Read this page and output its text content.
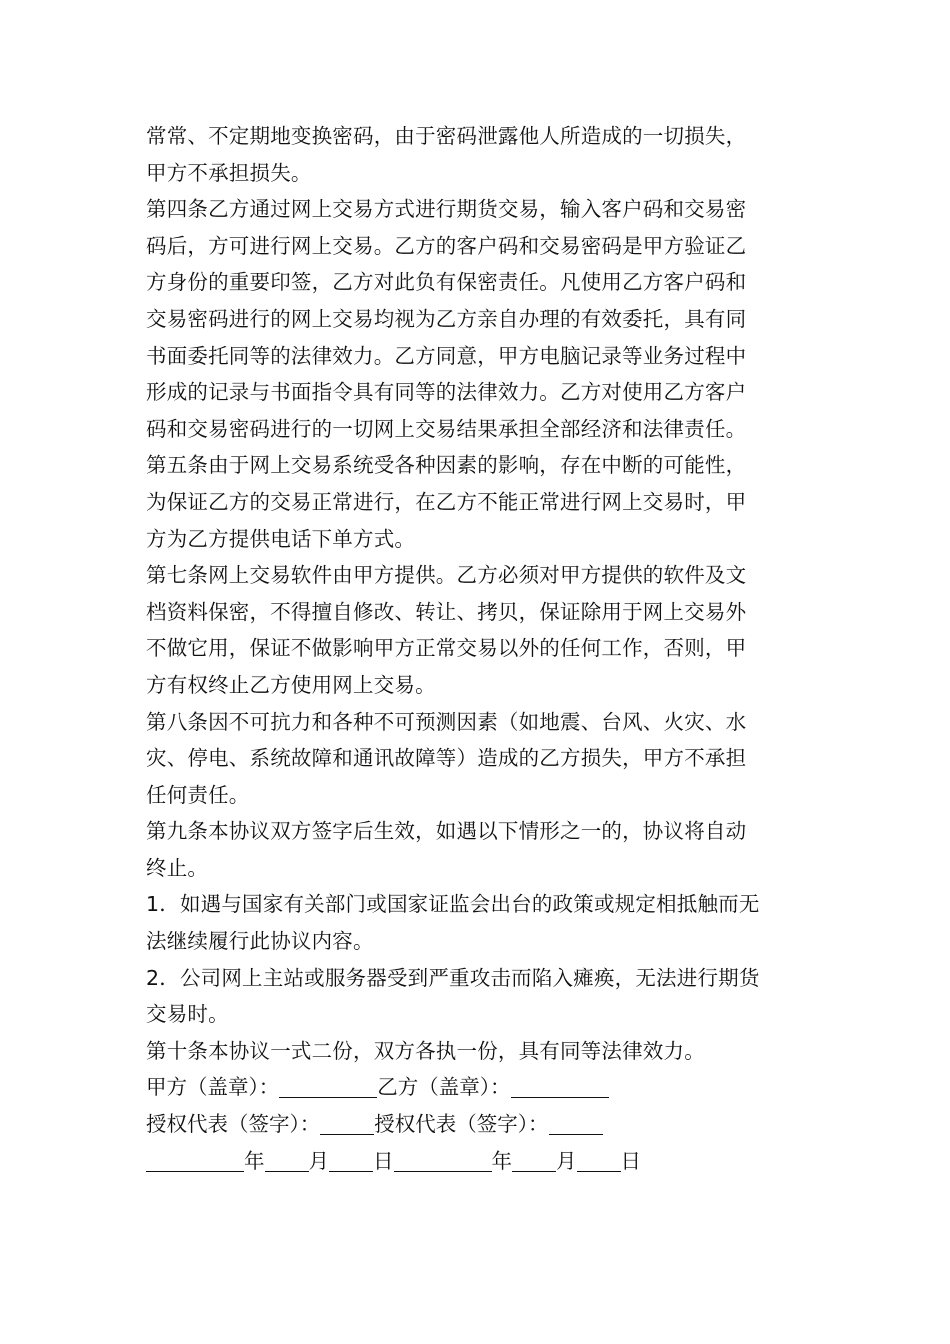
常常、不定期地变换密码，由于密码泄露他人所造成的一切损失，
甲方不承担损失。
第四条乙方通过网上交易方式进行期货交易，输入客户码和交易密
码后，方可进行网上交易。乙方的客户码和交易密码是甲方验证乙
方身份的重要印签，乙方对此负有保密责任。凡使用乙方客户码和
交易密码进行的网上交易均视为乙方亲自办理的有效委托，具有同
书面委托同等的法律效力。乙方同意，甲方电脑记录等业务过程中
形成的记录与书面指令具有同等的法律效力。乙方对使用乙方客户
码和交易密码进行的一切网上交易结果承担全部经济和法律责任。
第五条由于网上交易系统受各种因素的影响，存在中断的可能性，
为保证乙方的交易正常进行，在乙方不能正常进行网上交易时，甲
方为乙方提供电话下单方式。
第七条网上交易软件由甲方提供。乙方必须对甲方提供的软件及文
档资料保密，不得擅自修改、转让、拷贝，保证除用于网上交易外
不做它用，保证不做影响甲方正常交易以外的任何工作，否则，甲
方有权终止乙方使用网上交易。
第八条因不可抗力和各种不可预测因素（如地震、台风、火灾、水
灾、停电、系统故障和通讯故障等）造成的乙方损失，甲方不承担
任何责任。
第九条本协议双方签字后生效，如遇以下情形之一的，协议将自动
终止。
1．如遇与国家有关部门或国家证监会出台的政策或规定相抵触而无
法继续履行此协议内容。
2．公司网上主站或服务器受到严重攻击而陷入瘫痪，无法进行期货
交易时。
第十条本协议一式二份，双方各执一份，具有同等法律效力。
甲方（盖章）：	乙方（盖章）：
授权代表（签字）：	授权代表（签字）：
年 月 日	年 月 日
